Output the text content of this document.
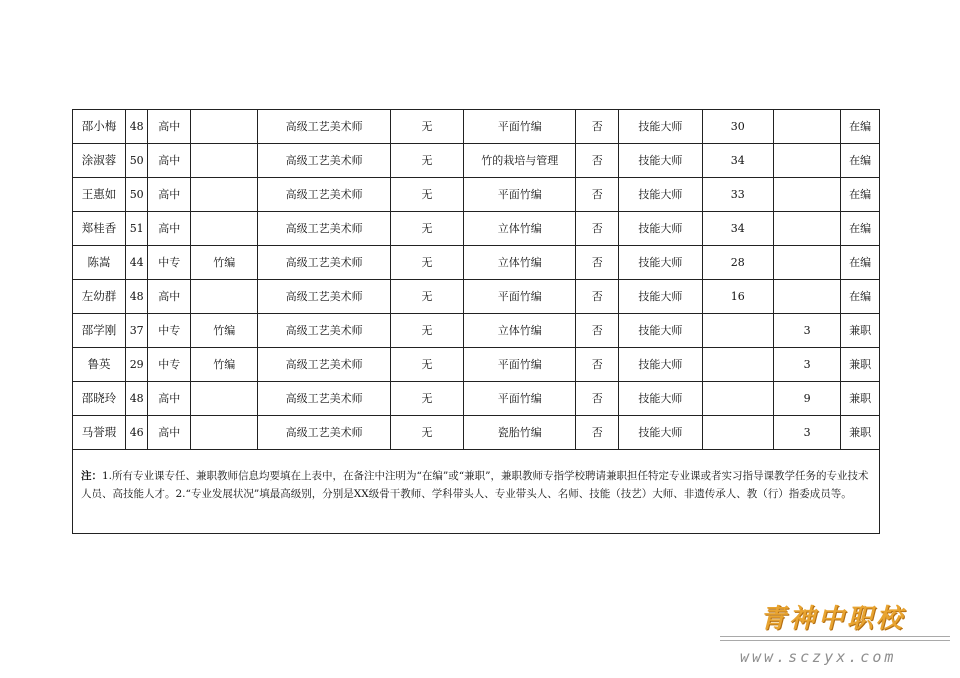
邵小梅	48	高中		高级工艺美术师	无	平面竹编	否	技能大师	30		在编
涂淑蓉	50	高中		高级工艺美术师	无	竹的栽培与管理	否	技能大师	34		在编
王惠如	50	高中		高级工艺美术师	无	平面竹编	否	技能大师	33		在编
郑桂香	51	高中		高级工艺美术师	无	立体竹编	否	技能大师	34		在编
陈嵩	44	中专	竹编	高级工艺美术师	无	立体竹编	否	技能大师	28		在编
左幼群	48	高中		高级工艺美术师	无	平面竹编	否	技能大师	16		在编
邵学刚	37	中专	竹编	高级工艺美术师	无	立体竹编	否	技能大师		3	兼职
鲁英	29	中专	竹编	高级工艺美术师	无	平面竹编	否	技能大师		3	兼职
邵晓玲	48	高中		高级工艺美术师	无	平面竹编	否	技能大师		9	兼职
马誉瑕	46	高中		高级工艺美术师	无	瓷胎竹编	否	技能大师		3	兼职
注：1.所有专业课专任、兼职教师信息均要填在上表中，在备注中注明为“在编”或“兼职”，兼职教师专指学校聘请兼职担任特定专业课或者实习指导课教学任务的专业技术人员、高技能人才。2.“专业发展状况”填最高级别，分别是XX级骨干教师、学科带头人、专业带头人、名师、技能（技艺）大师、非遗传承人、教（行）指委成员等。
青神中职校
www.sczyx.com
